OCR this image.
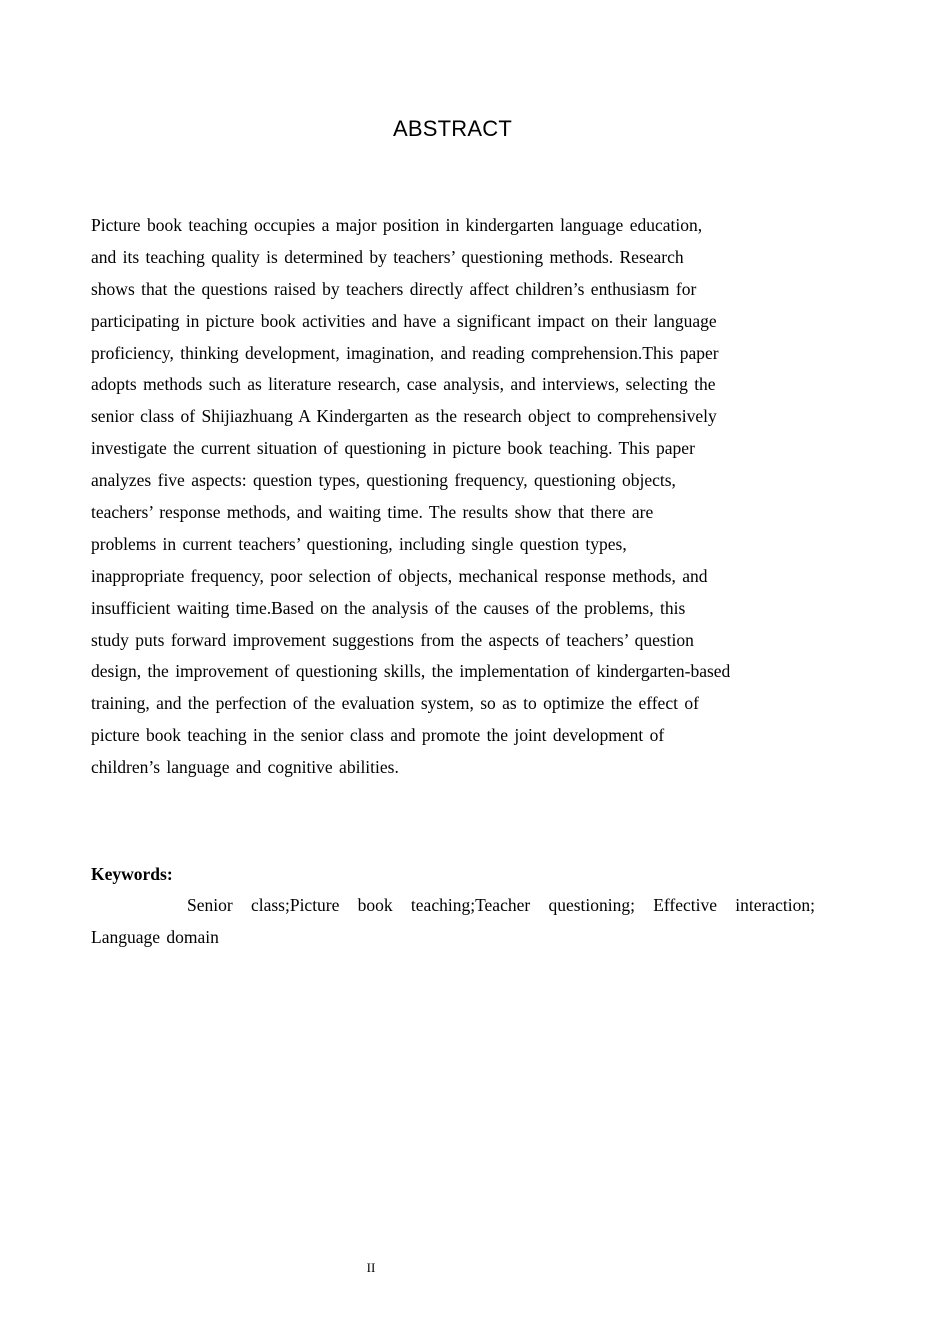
ABSTRACT
Picture book teaching occupies a major position in kindergarten language education,
and its teaching quality is determined by teachers’ questioning methods. Research
shows that the questions raised by teachers directly affect children’s enthusiasm for
participating in picture book activities and have a significant impact on their language
proficiency, thinking development, imagination, and reading comprehension.This paper
adopts methods such as literature research, case analysis, and interviews, selecting the
senior class of Shijiazhuang A Kindergarten as the research object to comprehensively
investigate the current situation of questioning in picture book teaching. This paper
analyzes five aspects: question types, questioning frequency, questioning objects,
teachers’ response methods, and waiting time. The results show that there are
problems in current teachers’ questioning, including single question types,
inappropriate frequency, poor selection of objects, mechanical response methods, and
insufficient waiting time.Based on the analysis of the causes of the problems, this
study puts forward improvement suggestions from the aspects of teachers’ question
design, the improvement of questioning skills, the implementation of kindergarten-based
training, and the perfection of the evaluation system, so as to optimize the effect of
picture book teaching in the senior class and promote the joint development of
children’s language and cognitive abilities.
Keywords:
Senior class;Picture book teaching;Teacher questioning; Effective interaction; Language domain
II
